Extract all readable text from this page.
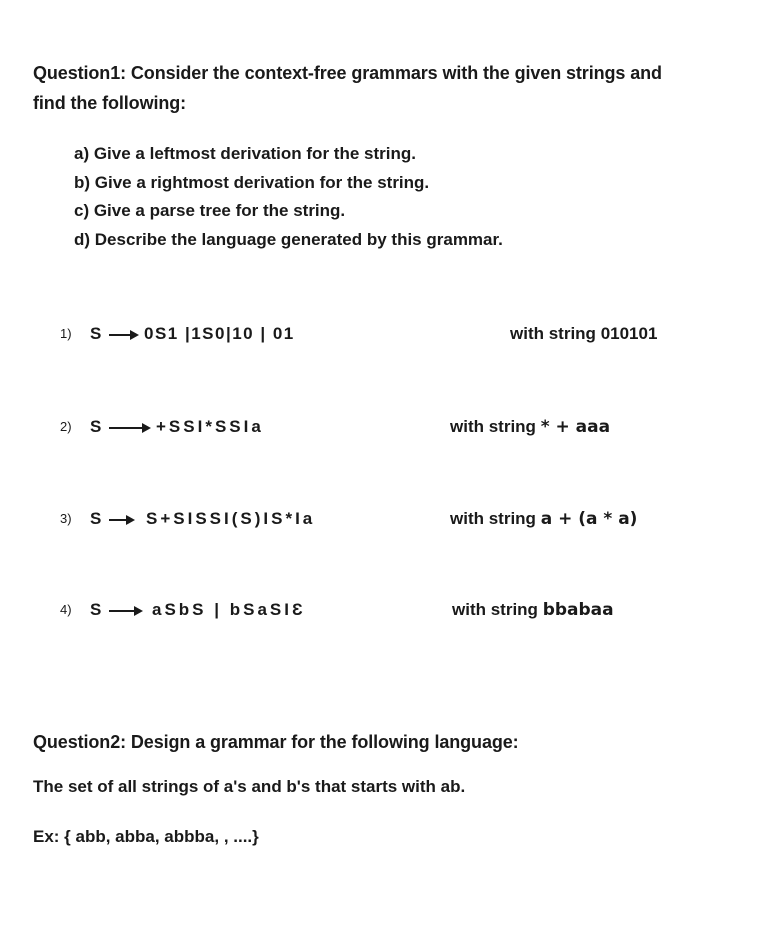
Question1: Consider the context-free grammars with the given strings and
find the following:
a) Give a leftmost derivation for the string.
b) Give a rightmost derivation for the string.
c) Give a parse tree for the string.
d) Describe the language generated by this grammar.
1) S	0S1 |1S0|10 | 01	with string 010101
2) S	+SSI*SSIa	with string * + aaa
3) S	S+SISSI(S)IS*Ia	with string a + (a * a)
4) S	aSbS | bSaSIƐ	with string bbabaa
Question2: Design a grammar for the following language:
The set of all strings of a's and b's that starts with ab.
Ex: { abb, abba, abbba, , ....}
